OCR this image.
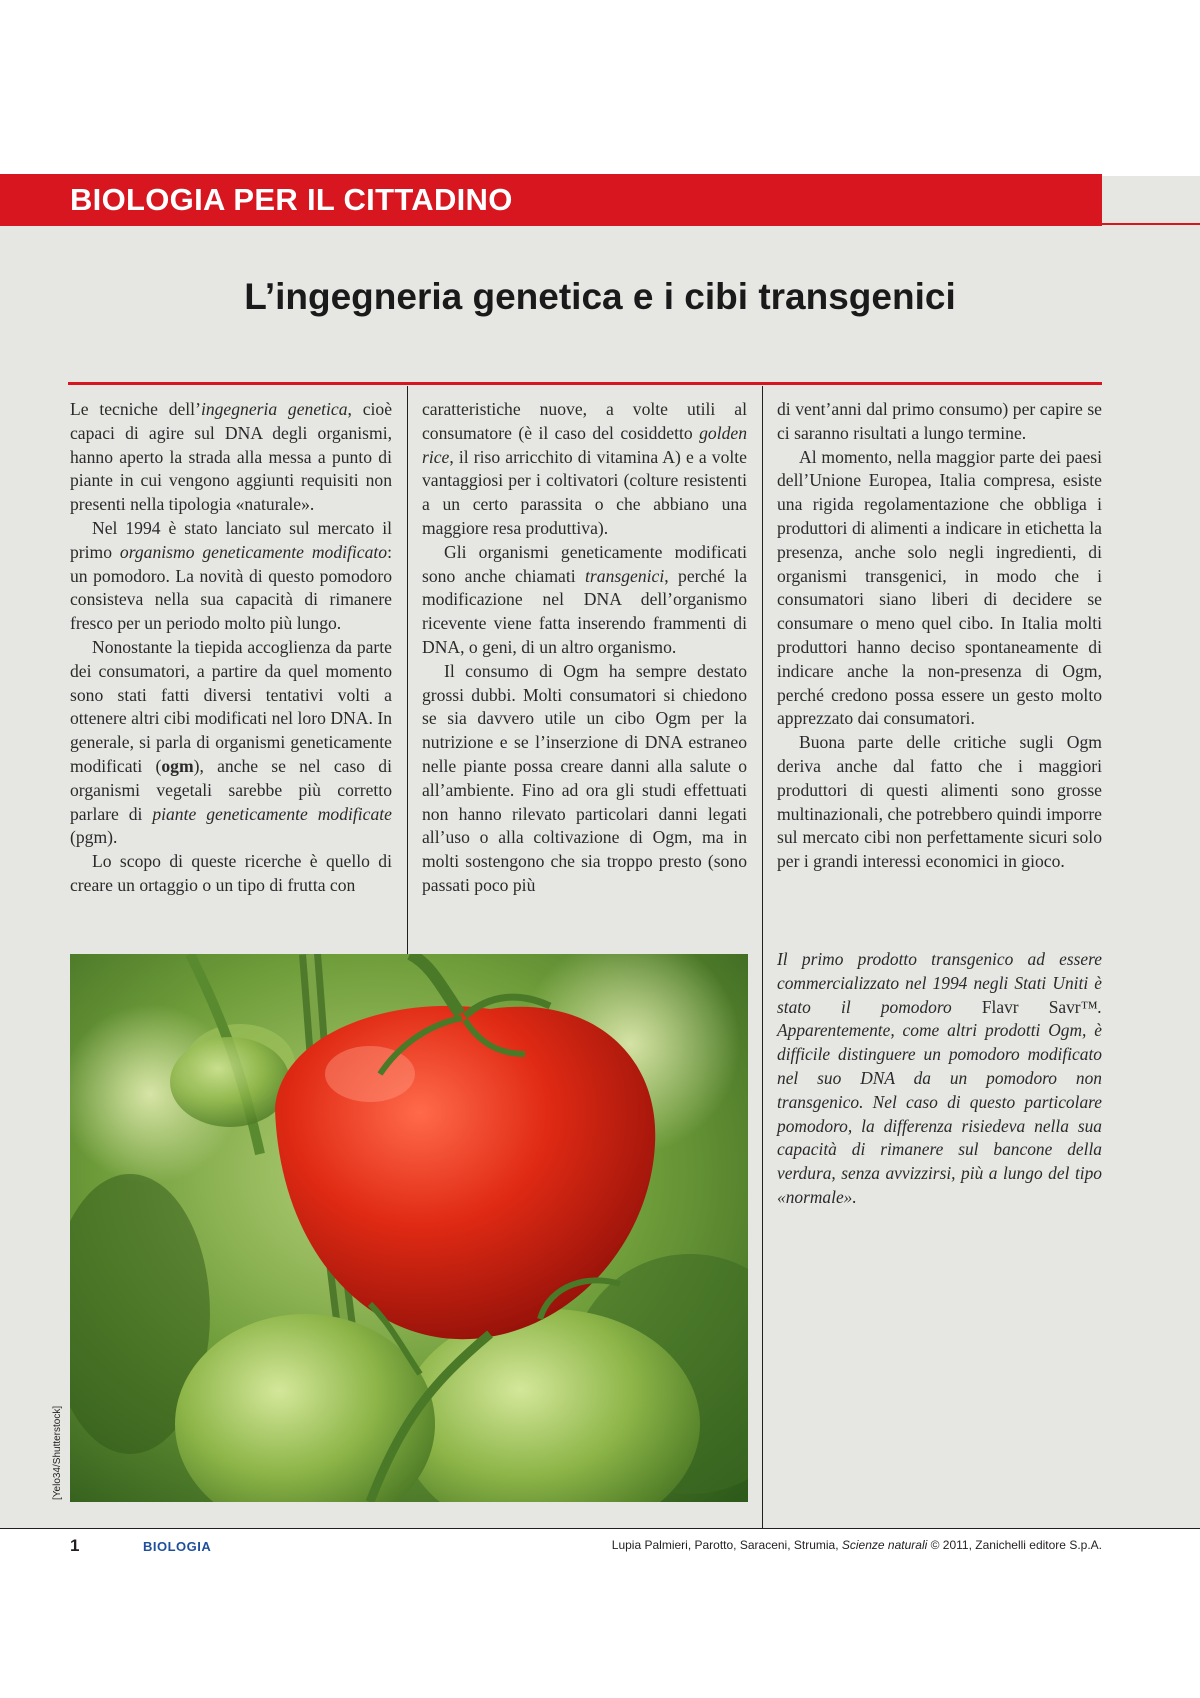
BIOLOGIA PER IL CITTADINO
L’ingegneria genetica e i cibi transgenici

Le tecniche dell’ingegneria genetica, cioè capaci di agire sul DNA degli organismi, hanno aperto la strada alla messa a punto di piante in cui vengono aggiunti requisiti non presenti nella tipologia «naturale».

Nel 1994 è stato lanciato sul mercato il primo organismo geneticamente modificato: un pomodoro. La novità di questo pomodoro consisteva nella sua capacità di rimanere fresco per un periodo molto più lungo.

Nonostante la tiepida accoglienza da parte dei consumatori, a partire da quel momento sono stati fatti diversi tentativi volti a ottenere altri cibi modificati nel loro DNA. In generale, si parla di organismi geneticamente modificati (ogm), anche se nel caso di organismi vegetali sarebbe più corretto parlare di piante geneticamente modificate (pgm).

Lo scopo di queste ricerche è quello di creare un ortaggio o un tipo di frutta con

caratteristiche nuove, a volte utili al consumatore (è il caso del cosiddetto golden rice, il riso arricchito di vitamina A) e a volte vantaggiosi per i coltivatori (colture resistenti a un certo parassita o che abbiano una maggiore resa produttiva).

Gli organismi geneticamente modificati sono anche chiamati transgenici, perché la modificazione nel DNA dell’organismo ricevente viene fatta inserendo frammenti di DNA, o geni, di un altro organismo.

Il consumo di Ogm ha sempre destato grossi dubbi. Molti consumatori si chiedono se sia davvero utile un cibo Ogm per la nutrizione e se l’inserzione di DNA estraneo nelle piante possa creare danni alla salute o all’ambiente. Fino ad ora gli studi effettuati non hanno rilevato particolari danni legati all’uso o alla coltivazione di Ogm, ma in molti sostengono che sia troppo presto (sono passati poco più

di vent’anni dal primo consumo) per capire se ci saranno risultati a lungo termine.

Al momento, nella maggior parte dei paesi dell’Unione Europea, Italia compresa, esiste una rigida regolamentazione che obbliga i produttori di alimenti a indicare in etichetta la presenza, anche solo negli ingredienti, di organismi transgenici, in modo che i consumatori siano liberi di decidere se consumare o meno quel cibo. In Italia molti produttori hanno deciso spontaneamente di indicare anche la non-presenza di Ogm, perché credono possa essere un gesto molto apprezzato dai consumatori.

Buona parte delle critiche sugli Ogm deriva anche dal fatto che i maggiori produttori di questi alimenti sono grosse multinazionali, che potrebbero quindi imporre sul mercato cibi non perfettamente sicuri solo per i grandi interessi economici in gioco.

Il primo prodotto transgenico ad essere commercializzato nel 1994 negli Stati Uniti è stato il pomodoro Flavr Savr™. Apparentemente, come altri prodotti Ogm, è difficile distinguere un pomodoro modificato nel suo DNA da un pomodoro non transgenico. Nel caso di questo particolare pomodoro, la differenza risiedeva nella sua capacità di rimanere sul bancone della verdura, senza avvizzirsi, più a lungo del tipo «normale».
[Yelo34/Shutterstock]
1	BIOLOGIA	Lupia Palmieri, Parotto, Saraceni, Strumia, Scienze naturali © 2011, Zanichelli editore S.p.A.
